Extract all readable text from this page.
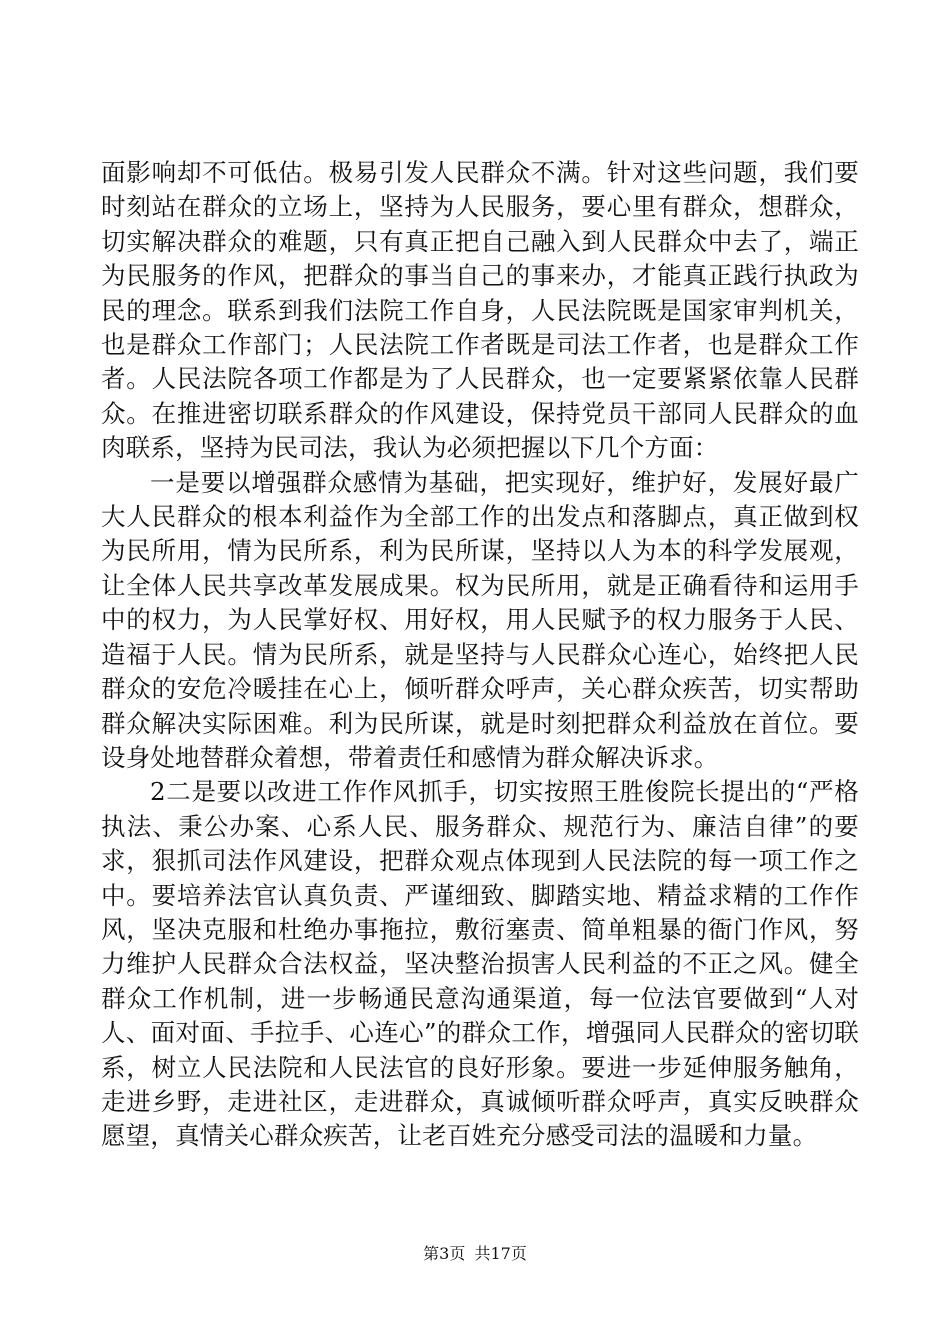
面影响却不可低估。极易引发人民群众不满。针对这些问题，我们要时刻站在群众的立场上，坚持为人民服务，要心里有群众，想群众，切实解决群众的难题，只有真正把自己融入到人民群众中去了，端正为民服务的作风，把群众的事当自己的事来办，才能真正践行执政为民的理念。联系到我们法院工作自身，人民法院既是国家审判机关，也是群众工作部门；人民法院工作者既是司法工作者，也是群众工作者。人民法院各项工作都是为了人民群众，也一定要紧紧依靠人民群众。在推进密切联系群众的作风建设，保持党员干部同人民群众的血肉联系，坚持为民司法，我认为必须把握以下几个方面：

一是要以增强群众感情为基础，把实现好，维护好，发展好最广大人民群众的根本利益作为全部工作的出发点和落脚点，真正做到权为民所用，情为民所系，利为民所谋，坚持以人为本的科学发展观，让全体人民共享改革发展成果。权为民所用，就是正确看待和运用手中的权力，为人民掌好权、用好权，用人民赋予的权力服务于人民、造福于人民。情为民所系，就是坚持与人民群众心连心，始终把人民群众的安危冷暖挂在心上，倾听群众呼声，关心群众疾苦，切实帮助群众解决实际困难。利为民所谋，就是时刻把群众利益放在首位。要设身处地替群众着想，带着责任和感情为群众解决诉求。

2二是要以改进工作作风抓手，切实按照王胜俊院长提出的“严格执法、秉公办案、心系人民、服务群众、规范行为、廉洁自律”的要求，狠抓司法作风建设，把群众观点体现到人民法院的每一项工作之中。要培养法官认真负责、严谨细致、脚踏实地、精益求精的工作作风，坚决克服和杜绝办事拖拉，敷衍塞责、简单粗暴的衙门作风，努力维护人民群众合法权益，坚决整治损害人民利益的不正之风。健全群众工作机制，进一步畅通民意沟通渠道，每一位法官要做到“人对人、面对面、手拉手、心连心”的群众工作，增强同人民群众的密切联系，树立人民法院和人民法官的良好形象。要进一步延伸服务触角，走进乡野，走进社区，走进群众，真诚倾听群众呼声，真实反映群众愿望，真情关心群众疾苦，让老百姓充分感受司法的温暖和力量。

第3页 共17页
